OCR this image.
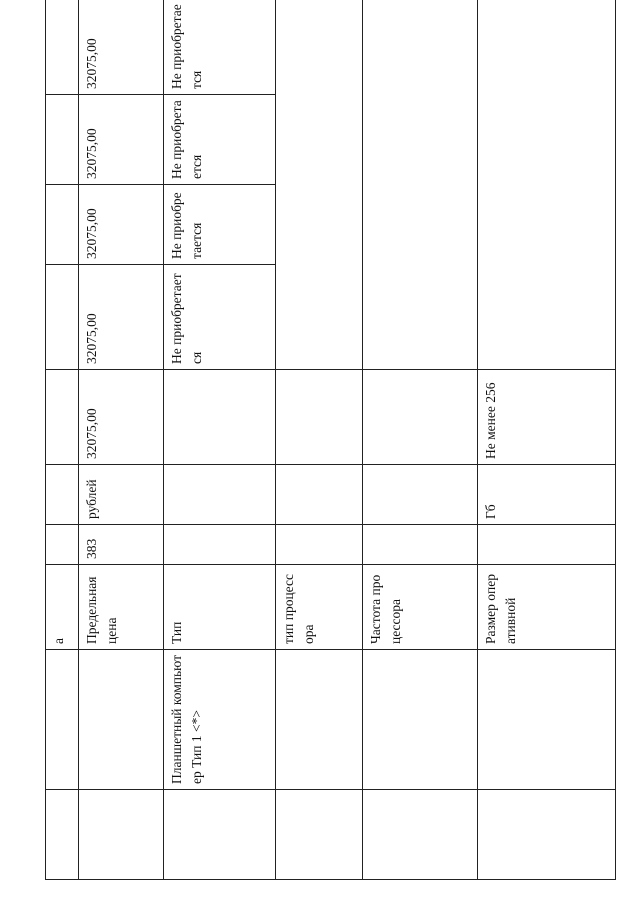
		а								
		Предельная цена	383	рублей	32075,00	32075,00	32075,00	32075,00	32075,00	
	Планшетный компьютер Тип 1 <*>	Тип				Не приобретается	Не приобретается	Не приобретается	Не приобретается	
		тип процессора								
		Частота процессора								
		Размер оперативной		Гб	Не менее 256					
